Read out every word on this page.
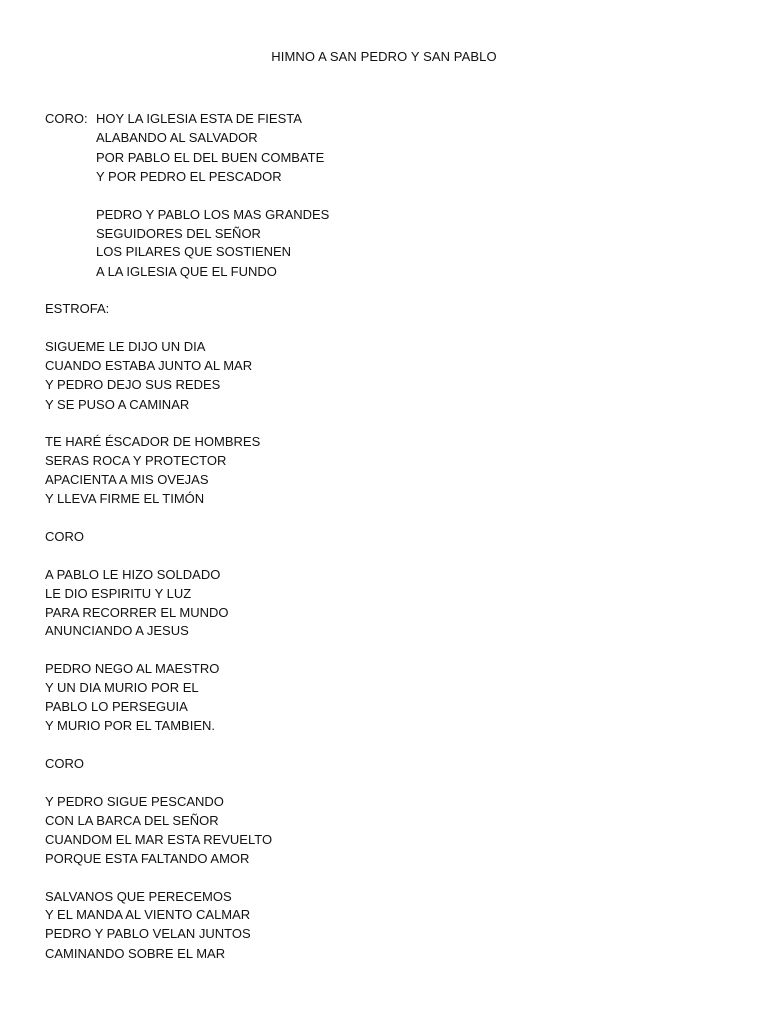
HIMNO A SAN PEDRO Y SAN PABLO
CORO: HOY LA IGLESIA ESTA DE FIESTA
ALABANDO AL SALVADOR
POR PABLO EL DEL BUEN COMBATE
Y POR PEDRO EL PESCADOR
PEDRO Y PABLO LOS MAS GRANDES
SEGUIDORES DEL SEÑOR
LOS PILARES QUE SOSTIENEN
A LA IGLESIA QUE EL FUNDO
ESTROFA:
SIGUEME LE DIJO UN DIA
CUANDO ESTABA JUNTO AL MAR
Y PEDRO DEJO SUS REDES
Y SE PUSO A CAMINAR
TE HARÉ ÉSCADOR DE HOMBRES
SERAS ROCA Y PROTECTOR
APACIENTA A MIS OVEJAS
Y LLEVA FIRME EL TIMÓN
CORO
A PABLO LE HIZO SOLDADO
LE DIO ESPIRITU Y LUZ
PARA RECORRER EL MUNDO
ANUNCIANDO A JESUS
PEDRO NEGO AL MAESTRO
Y UN DIA MURIO POR EL
PABLO LO PERSEGUIA
Y MURIO POR EL TAMBIEN.
CORO
Y PEDRO SIGUE PESCANDO
CON LA BARCA DEL SEÑOR
CUANDOM EL MAR ESTA REVUELTO
PORQUE ESTA FALTANDO AMOR
SALVANOS QUE PERECEMOS
Y EL MANDA AL VIENTO CALMAR
PEDRO Y PABLO VELAN JUNTOS
CAMINANDO SOBRE EL MAR
